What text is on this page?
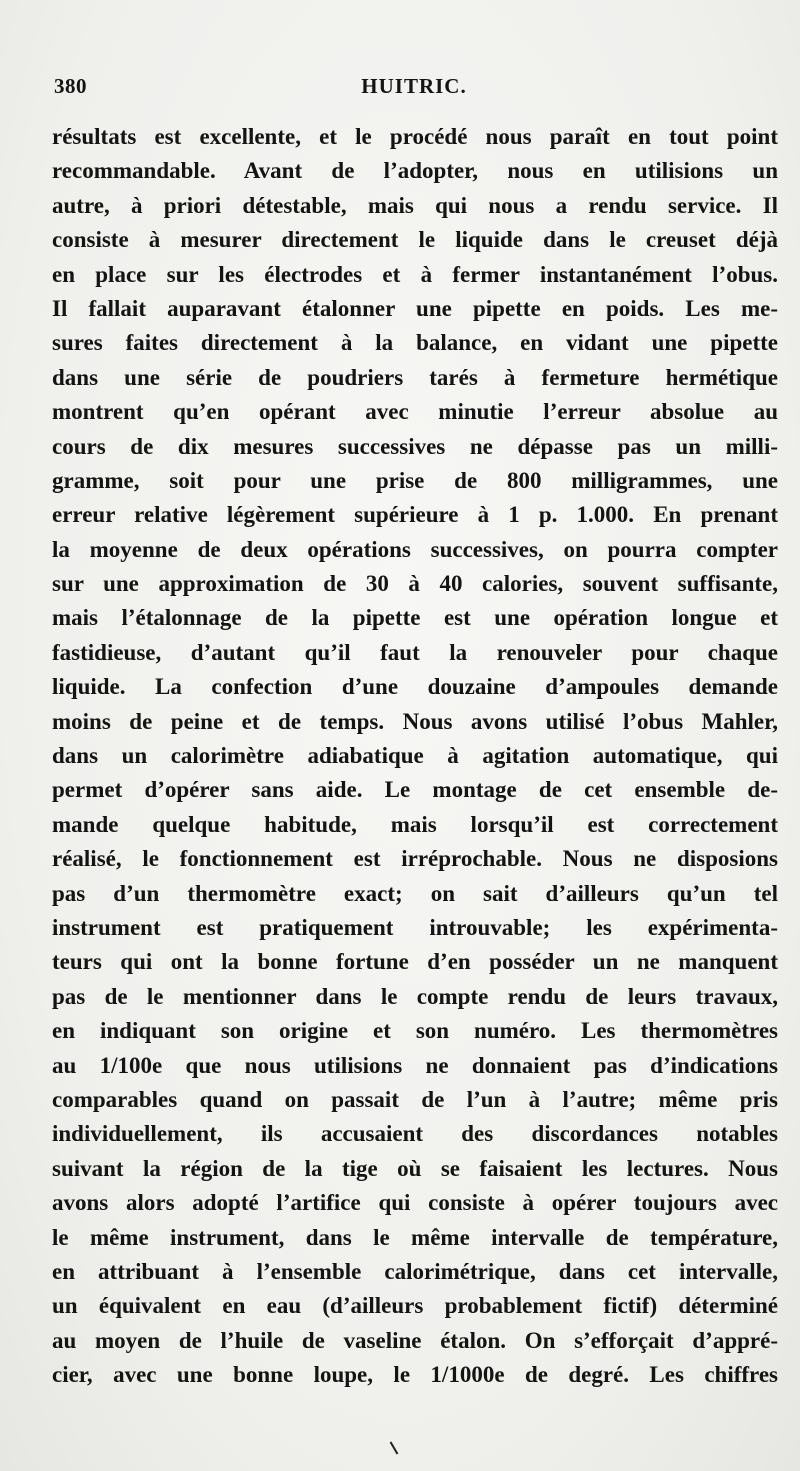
380	HUITRIC.
résultats est excellente, et le procédé nous paraît en tout point
recommandable. Avant de l’adopter, nous en utilisions un
autre, à priori détestable, mais qui nous a rendu service. Il
consiste à mesurer directement le liquide dans le creuset déjà
en place sur les électrodes et à fermer instantanément l’obus.
Il fallait auparavant étalonner une pipette en poids. Les me-
sures faites directement à la balance, en vidant une pipette
dans une série de poudriers tarés à fermeture hermétique
montrent qu’en opérant avec minutie l’erreur absolue au
cours de dix mesures successives ne dépasse pas un milli-
gramme, soit pour une prise de 800 milligrammes, une
erreur relative légèrement supérieure à 1 p. 1.000. En prenant
la moyenne de deux opérations successives, on pourra compter
sur une approximation de 30 à 40 calories, souvent suffisante,
mais l’étalonnage de la pipette est une opération longue et
fastidieuse, d’autant qu’il faut la renouveler pour chaque
liquide. La confection d’une douzaine d’ampoules demande
moins de peine et de temps. Nous avons utilisé l’obus Mahler,
dans un calorimètre adiabatique à agitation automatique, qui
permet d’opérer sans aide. Le montage de cet ensemble de-
mande quelque habitude, mais lorsqu’il est correctement
réalisé, le fonctionnement est irréprochable. Nous ne disposions
pas d’un thermomètre exact; on sait d’ailleurs qu’un tel
instrument est pratiquement introuvable; les expérimenta-
teurs qui ont la bonne fortune d’en posséder un ne manquent
pas de le mentionner dans le compte rendu de leurs travaux,
en indiquant son origine et son numéro. Les thermomètres
au 1/100e que nous utilisions ne donnaient pas d’indications
comparables quand on passait de l’un à l’autre; même pris
individuellement, ils accusaient des discordances notables
suivant la région de la tige où se faisaient les lectures. Nous
avons alors adopté l’artifice qui consiste à opérer toujours avec
le même instrument, dans le même intervalle de température,
en attribuant à l’ensemble calorimétrique, dans cet intervalle,
un équivalent en eau (d’ailleurs probablement fictif) déterminé
au moyen de l’huile de vaseline étalon. On s’efforçait d’appré-
cier, avec une bonne loupe, le 1/1000e de degré. Les chiffres
